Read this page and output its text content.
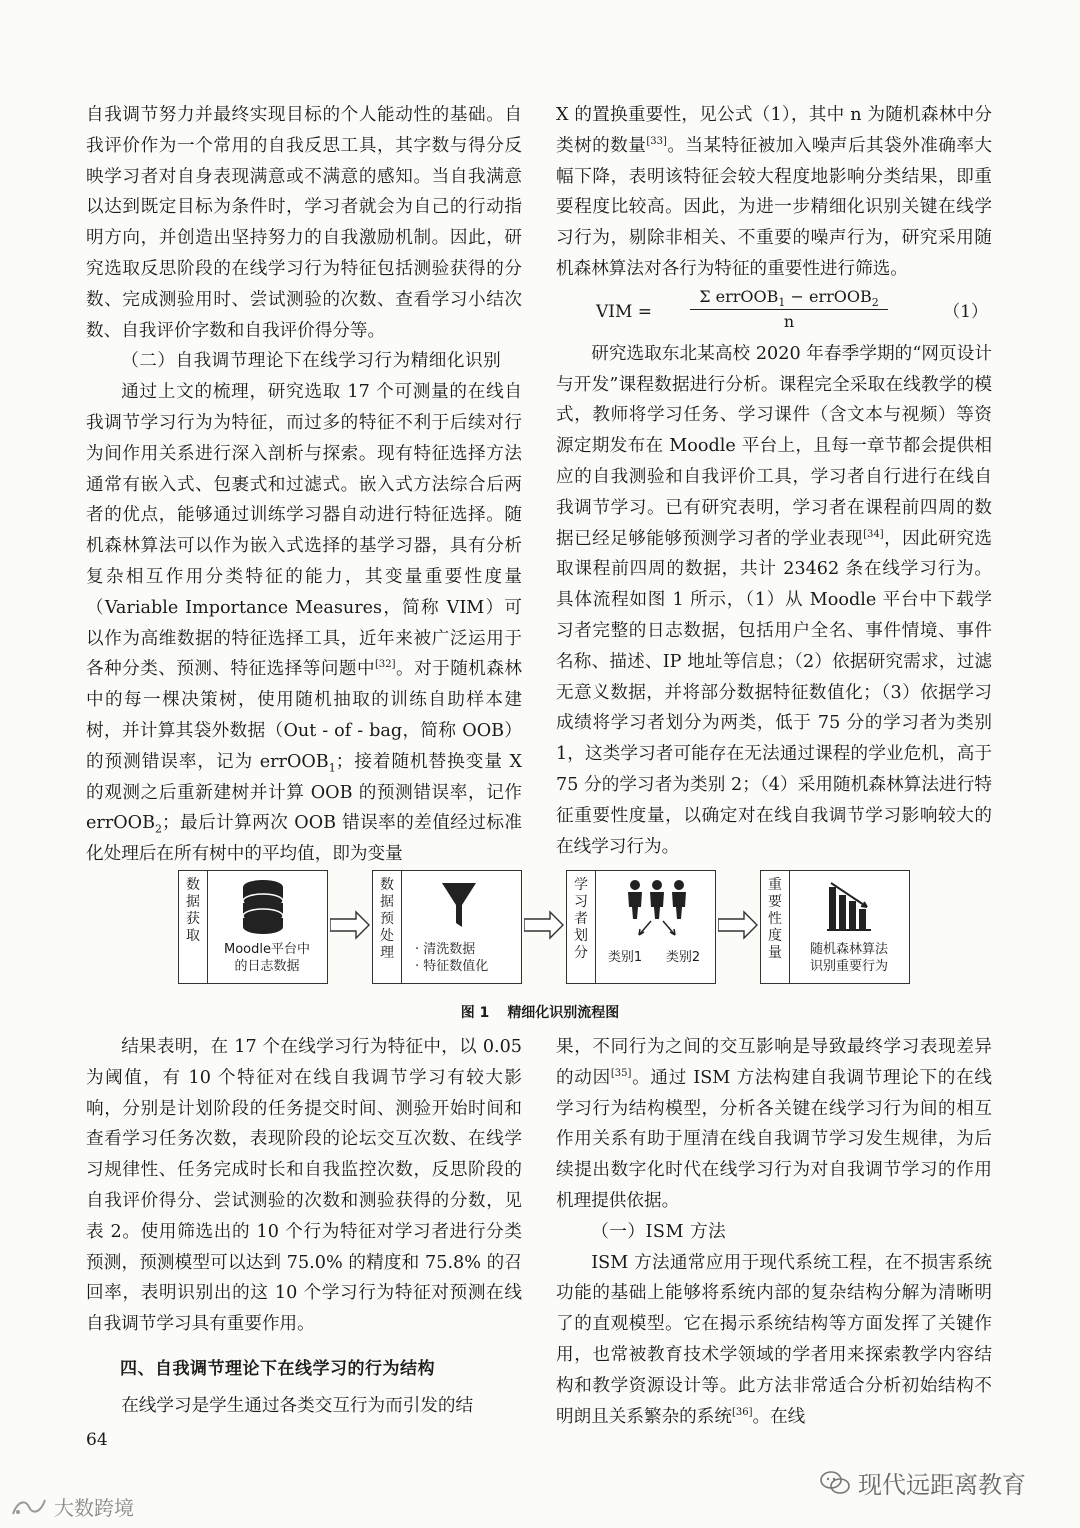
自我调节努力并最终实现目标的个人能动性的基础。自我评价作为一个常用的自我反思工具，其字数与得分反映学习者对自身表现满意或不满意的感知。当自我满意以达到既定目标为条件时，学习者就会为自己的行动指明方向，并创造出坚持努力的自我激励机制。因此，研究选取反思阶段的在线学习行为特征包括测验获得的分数、完成测验用时、尝试测验的次数、查看学习小结次数、自我评价字数和自我评价得分等。

（二）自我调节理论下在线学习行为精细化识别

通过上文的梳理，研究选取 17 个可测量的在线自我调节学习行为为特征，而过多的特征不利于后续对行为间作用关系进行深入剖析与探索。现有特征选择方法通常有嵌入式、包裹式和过滤式。嵌入式方法综合后两者的优点，能够通过训练学习器自动进行特征选择。随机森林算法可以作为嵌入式选择的基学习器，具有分析复杂相互作用分类特征的能力，其变量重要性度量（Variable Importance Measures，简称 VIM）可以作为高维数据的特征选择工具，近年来被广泛运用于各种分类、预测、特征选择等问题中[32]。对于随机森林中的每一棵决策树，使用随机抽取的训练自助样本建树，并计算其袋外数据（Out - of - bag，简称 OOB）的预测错误率，记为 errOOB$_1$；接着随机替换变量 X 的观测之后重新建树并计算 OOB 的预测错误率，记作 errOOB$_2$；最后计算两次 OOB 错误率的差值经过标准化处理后在所有树中的平均值，即为变量

X 的置换重要性，见公式（1），其中 n 为随机森林中分类树的数量[33]。当某特征被加入噪声后其袋外准确率大幅下降，表明该特征会较大程度地影响分类结果，即重要程度比较高。因此，为进一步精细化识别关键在线学习行为，剔除非相关、不重要的噪声行为，研究采用随机森林算法对各行为特征的重要性进行筛选。

VIM =
Σ errOOB$_1$ − errOOB$_2$
n	（1）

研究选取东北某高校 2020 年春季学期的“网页设计与开发”课程数据进行分析。课程完全采取在线教学的模式，教师将学习任务、学习课件（含文本与视频）等资源定期发布在 Moodle 平台上，且每一章节都会提供相应的自我测验和自我评价工具，学习者自行进行在线自我调节学习。已有研究表明，学习者在课程前四周的数据已经足够能够预测学习者的学业表现[34]，因此研究选取课程前四周的数据，共计 23462 条在线学习行为。具体流程如图 1 所示，（1）从 Moodle 平台中下载学习者完整的日志数据，包括用户全名、事件情境、事件名称、描述、IP 地址等信息；（2）依据研究需求，过滤无意义数据，并将部分数据特征数值化；（3）依据学习成绩将学习者划分为两类，低于 75 分的学习者为类别 1，这类学习者可能存在无法通过课程的学业危机，高于 75 分的学习者为类别 2；（4）采用随机森林算法进行特征重要性度量，以确定对在线自我调节学习影响较大的在线学习行为。

数据获取
Moodle平台中
的日志数据
数据预处理	· 清洗数据
· 特征数值化
学习者划分	类别1	类别2
重要性度量	随机森林算法
识别重要行为
图 1 精细化识别流程图

结果表明，在 17 个在线学习行为特征中，以 0.05 为阈值，有 10 个特征对在线自我调节学习有较大影响，分别是计划阶段的任务提交时间、测验开始时间和查看学习任务次数，表现阶段的论坛交互次数、在线学习规律性、任务完成时长和自我监控次数，反思阶段的自我评价得分、尝试测验的次数和测验获得的分数，见表 2。使用筛选出的 10 个行为特征对学习者进行分类预测，预测模型可以达到 75.0% 的精度和 75.8% 的召回率，表明识别出的这 10 个学习行为特征对预测在线自我调节学习具有重要作用。

四、自我调节理论下在线学习的行为结构

在线学习是学生通过各类交互行为而引发的结

果，不同行为之间的交互影响是导致最终学习表现差异的动因[35]。通过 ISM 方法构建自我调节理论下的在线学习行为结构模型，分析各关键在线学习行为间的相互作用关系有助于厘清在线自我调节学习发生规律，为后续提出数字化时代在线学习行为对自我调节学习的作用机理提供依据。

（一）ISM 方法

ISM 方法通常应用于现代系统工程，在不损害系统功能的基础上能够将系统内部的复杂结构分解为清晰明了的直观模型。它在揭示系统结构等方面发挥了关键作用，也常被教育技术学领域的学者用来探索教学内容结构和教学资源设计等。此方法非常适合分析初始结构不明朗且关系繁杂的系统[36]。在线

64
现代远距离教育
大数跨境
